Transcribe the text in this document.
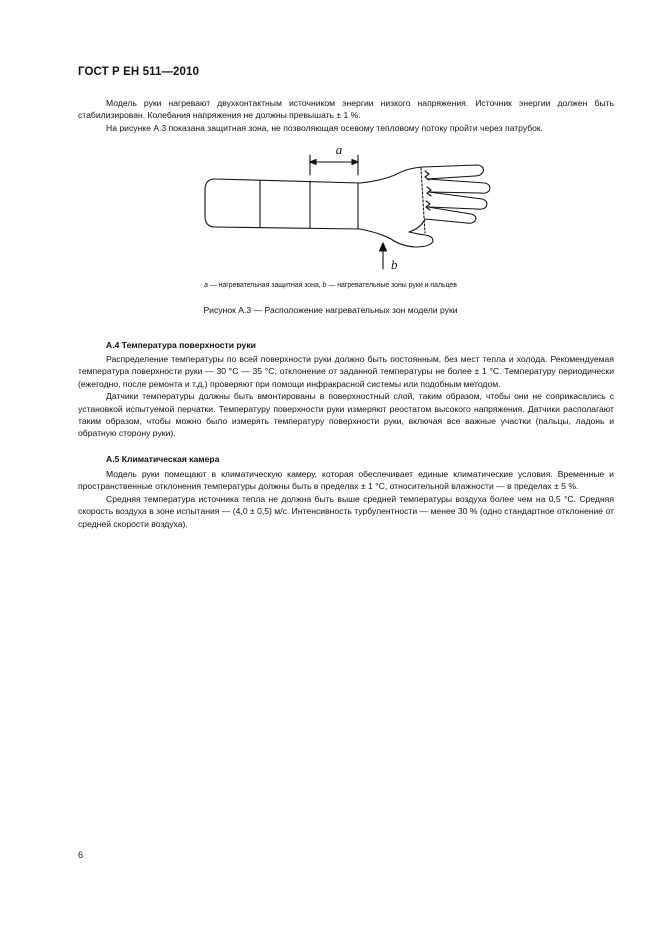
ГОСТ Р ЕН 511—2010

Модель руки нагревают двухконтактным источником энергии низкого напряжения. Источник энергии должен быть стабилизирован. Колебания напряжения не должны превышать ± 1 %.

На рисунке А.3 показана защитная зона, не позволяющая осевому тепловому потоку пройти через патрубок.

a
b
a — нагревательная защитная зона, b — нагревательные зоны руки и пальцев
Рисунок А.3 — Расположение нагревательных зон модели руки
А.4 Температура поверхности руки

Распределение температуры по всей поверхности руки должно быть постоянным, без мест тепла и холода. Рекомендуемая температура поверхности руки — 30 °С — 35 °С, отклонение от заданной температуры не более ± 1 °С. Температуру периодически (ежегодно, после ремонта и т.д.) проверяют при помощи инфракрасной системы или подобным методом.

Датчики температуры должны быть вмонтированы в поверхностный слой, таким образом, чтобы они не соприкасались с установкой испытуемой перчатки. Температуру поверхности руки измеряют реостатом высокого напряжения. Датчики располагают таким образом, чтобы можно было измерять температуру поверхности руки, включая все важные участки (пальцы, ладонь и обратную сторону руки).

А.5 Климатическая камера

Модель руки помещают в климатическую камеру, которая обеспечивает единые климатические условия. Временные и пространственные отклонения температуры должны быть в пределах ± 1 °С, относительной влажности — в пределах ± 5 %.

Средняя температура источника тепла не должна быть выше средней температуры воздуха более чем на 0,5 °С. Средняя скорость воздуха в зоне испытания — (4,0 ± 0,5) м/с. Интенсивность турбулентности — менее 30 % (одно стандартное отклонение от средней скорости воздуха).

6
